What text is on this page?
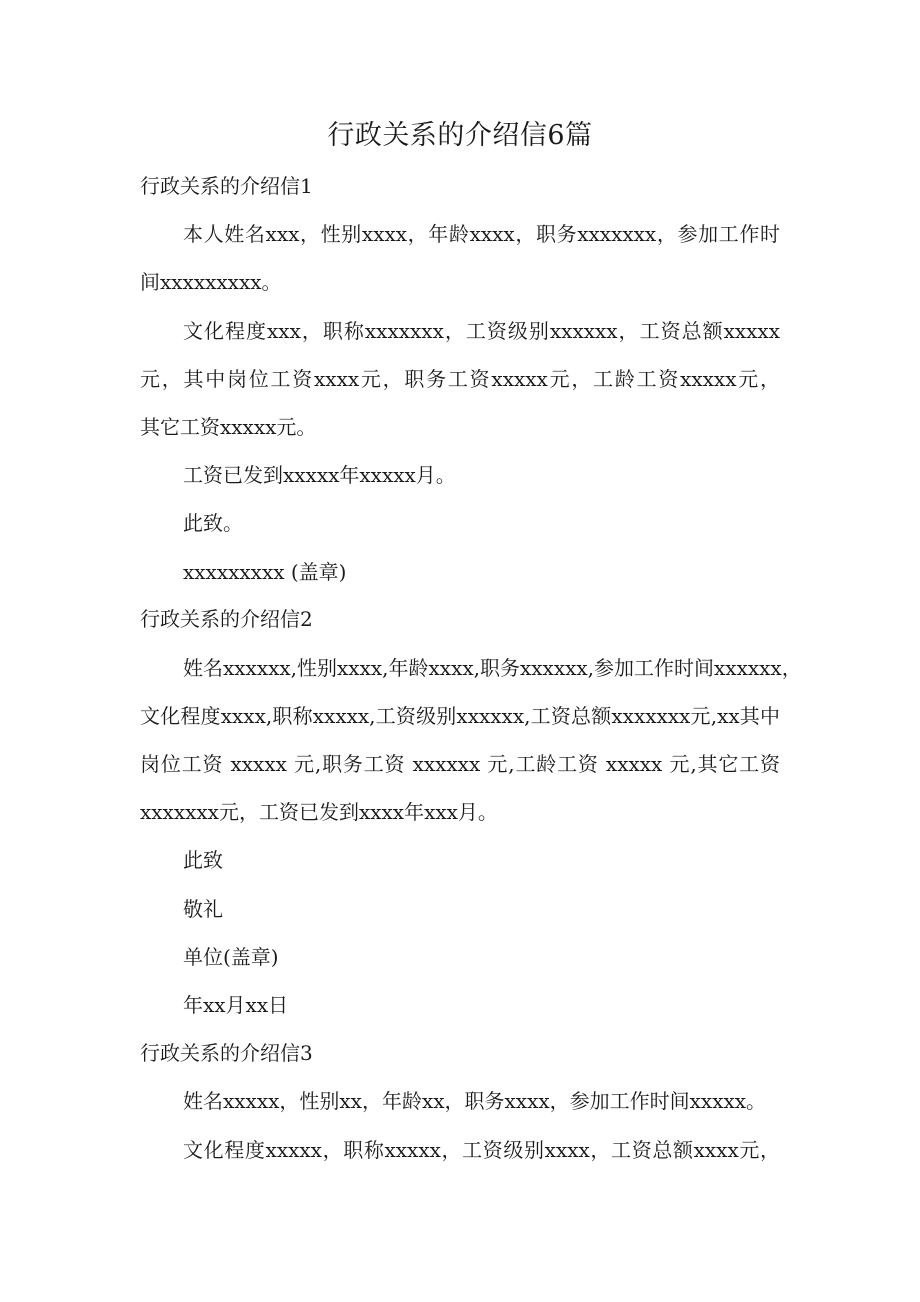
行政关系的介绍信6篇

行政关系的介绍信1

本人姓名xxx，性别xxxx，年龄xxxx，职务xxxxxxx，参加工作时

间xxxxxxxxx。

文化程度xxx，职称xxxxxxx，工资级别xxxxxx，工资总额xxxxx

元，其中岗位工资xxxx元，职务工资xxxxx元，工龄工资xxxxx元，

其它工资xxxxx元。

工资已发到xxxxx年xxxxx月。

此致。

xxxxxxxxx (盖章)

行政关系的介绍信2

姓名xxxxxx,性别xxxx,年龄xxxx,职务xxxxxx,参加工作时间xxxxxx，

文化程度xxxx,职称xxxxx,工资级别xxxxxx,工资总额xxxxxxx元,xx其中

岗位工资 xxxxx 元,职务工资 xxxxxx 元,工龄工资 xxxxx 元,其它工资

xxxxxxx元，工资已发到xxxx年xxx月。

此致

敬礼

单位(盖章)

年xx月xx日

行政关系的介绍信3

姓名xxxxx，性别xx，年龄xx，职务xxxx，参加工作时间xxxxx。

文化程度xxxxx，职称xxxxx，工资级别xxxx，工资总额xxxx元，
